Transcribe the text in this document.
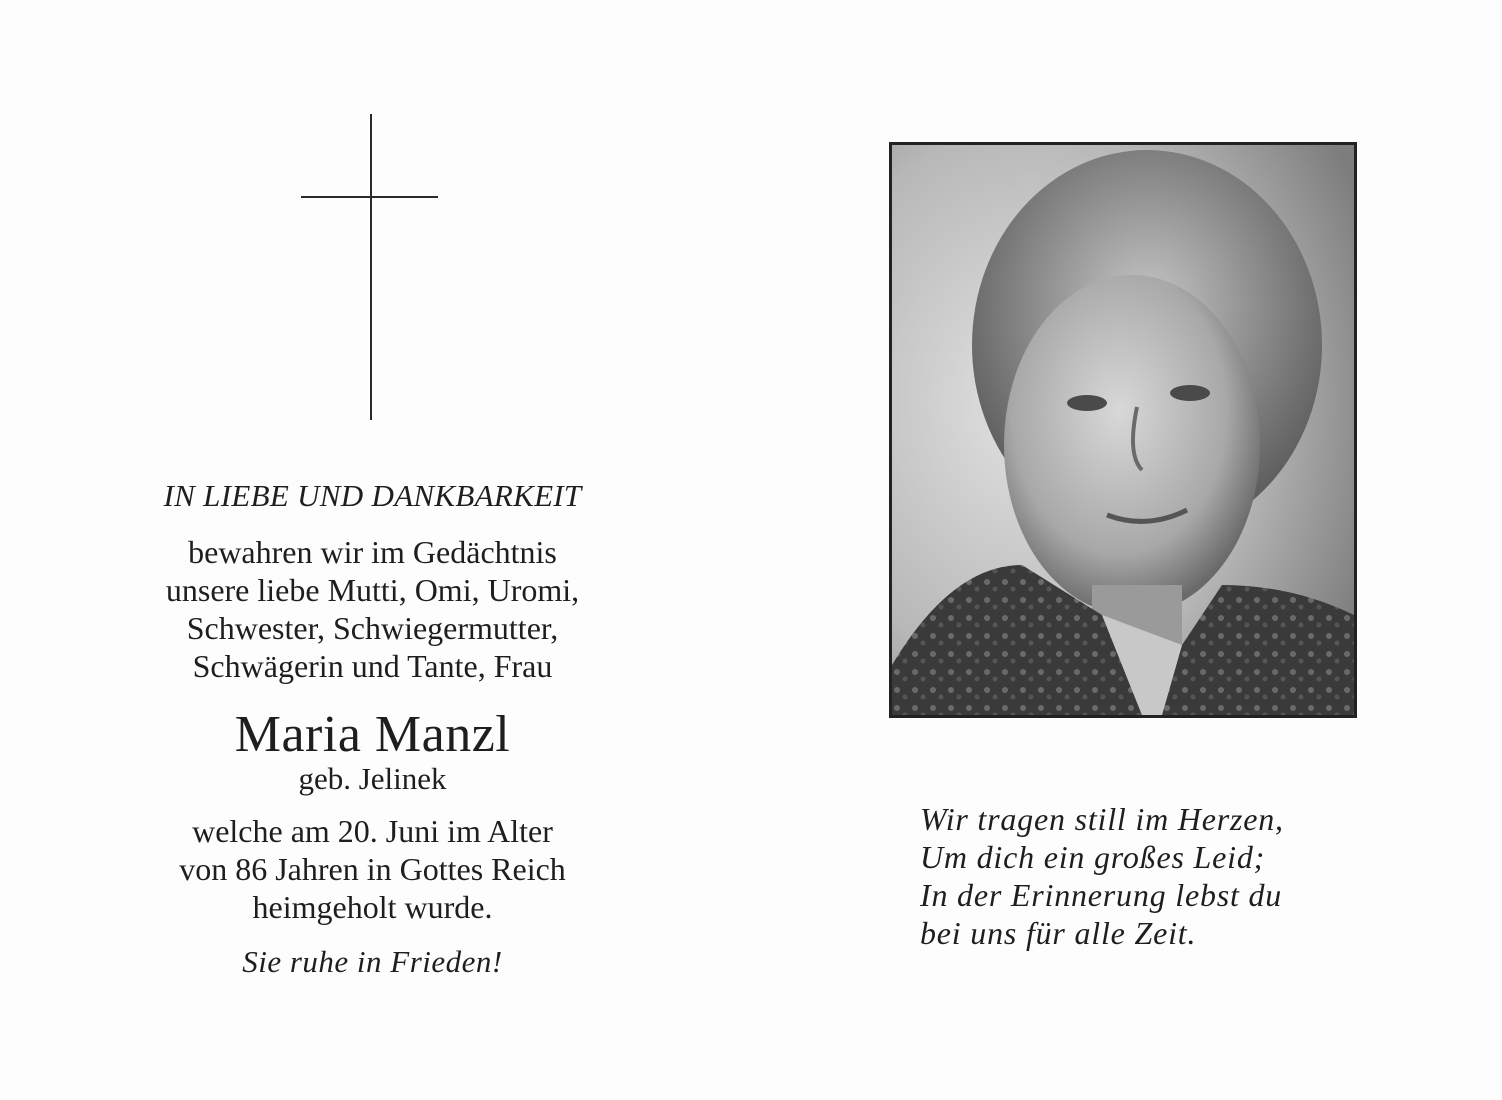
IN LIEBE UND DANKBARKEIT
bewahren wir im Gedächtnis
unsere liebe Mutti, Omi, Uromi,
Schwester, Schwiegermutter,
Schwägerin und Tante, Frau
Maria Manzl
geb. Jelinek
welche am 20. Juni im Alter
von 86 Jahren in Gottes Reich
heimgeholt wurde.
Sie ruhe in Frieden!
Wir tragen still im Herzen,
Um dich ein großes Leid;
In der Erinnerung lebst du
bei uns für alle Zeit.
